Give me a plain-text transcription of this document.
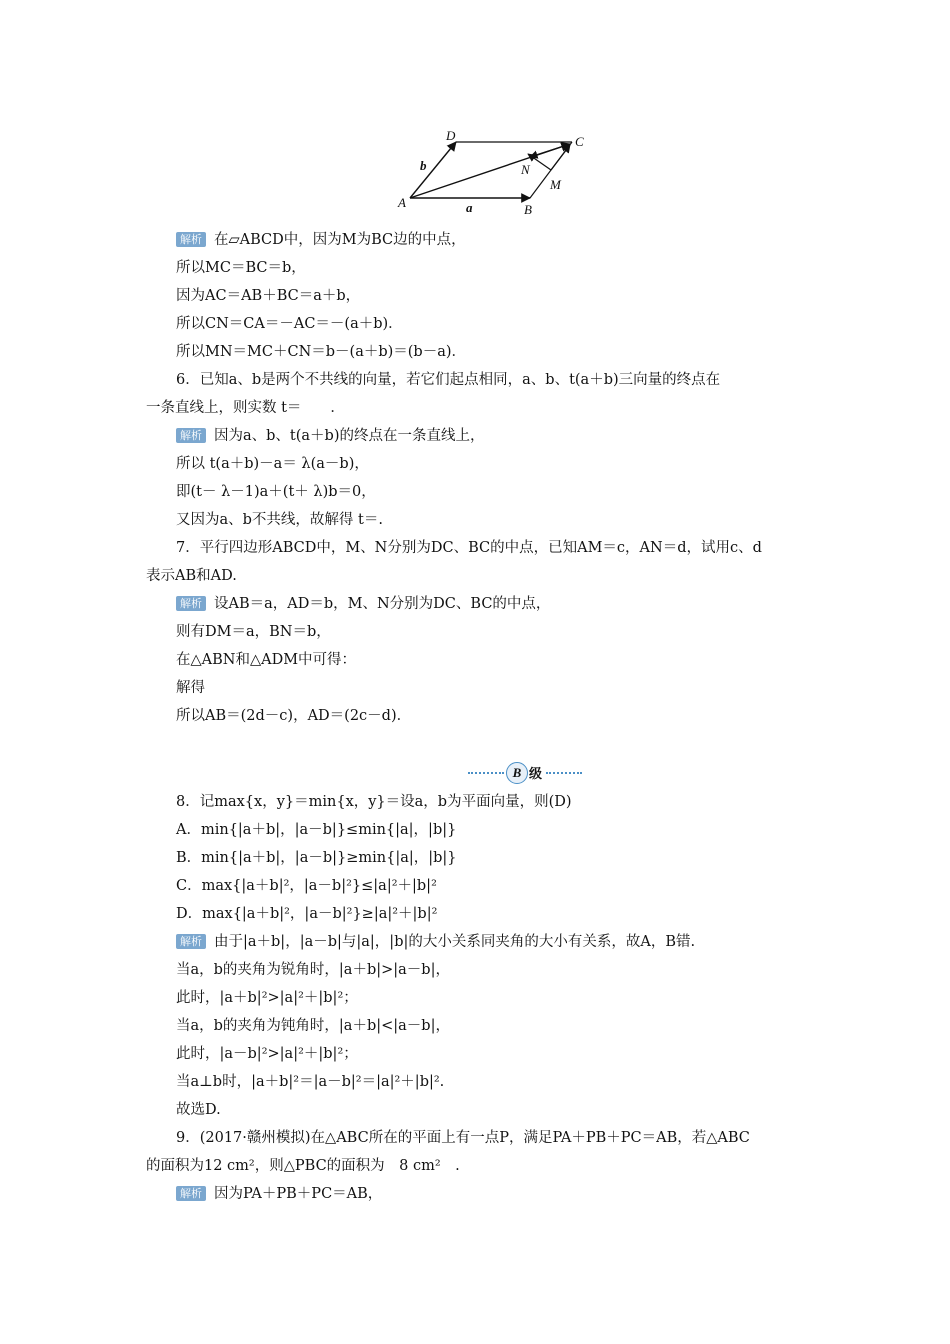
A	B
C
D
M
N
a
b
解析 在▱ABCD中，因为M为BC边的中点，
所以MC＝BC＝b，
因为AC＝AB＋BC＝a＋b，
所以CN＝CA＝－AC＝－(a＋b)．
所以MN＝MC＋CN＝b－(a＋b)＝(b－a)．
6．已知a、b是两个不共线的向量，若它们起点相同，a、b、t(a＋b)三向量的终点在
一条直线上，则实数 t＝　　．
解析 因为a、b、t(a＋b)的终点在一条直线上，
所以 t(a＋b)－a＝ λ(a－b)，
即(t－ λ－1)a＋(t＋ λ)b＝0，
又因为a、b不共线，故解得 t＝.
7．平行四边形ABCD中，M、N分别为DC、BC的中点，已知AM＝c，AN＝d，试用c、d
表示AB和AD.
解析 设AB＝a，AD＝b，M、N分别为DC、BC的中点，
则有DM＝a，BN＝b，
在△ABN和△ADM中可得：
解得
所以AB＝(2d－c)，AD＝(2c－d)．
B 级
8．记max{x，y}＝min{x，y}＝设a，b为平面向量，则(D)
A．min{|a＋b|，|a－b|}≤min{|a|，|b|}
B．min{|a＋b|，|a－b|}≥min{|a|，|b|}
C．max{|a＋b|²，|a－b|²}≤|a|²＋|b|²
D．max{|a＋b|²，|a－b|²}≥|a|²＋|b|²
解析 由于|a＋b|，|a－b|与|a|，|b|的大小关系同夹角的大小有关系，故A，B错.
当a，b的夹角为锐角时，|a＋b|>|a－b|，
此时，|a＋b|²>|a|²＋|b|²；
当a，b的夹角为钝角时，|a＋b|<|a－b|，
此时，|a－b|²>|a|²＋|b|²；
当a⊥b时，|a＋b|²＝|a－b|²＝|a|²＋|b|².
故选D.
9．(2017·赣州模拟)在△ABC所在的平面上有一点P，满足PA＋PB＋PC＝AB，若△ABC
的面积为12 cm²，则△PBC的面积为　8 cm²　.
解析 因为PA＋PB＋PC＝AB，
